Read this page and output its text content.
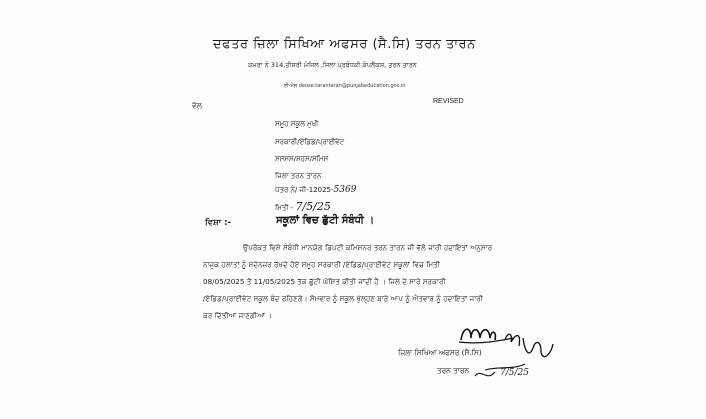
ਦਫਤਰ ਜ਼ਿਲਾ ਸਿਖਿਆ ਅਫਸਰ (ਸੈ.ਸਿ) ਤਰਨ ਤਾਰਨ
ਕਮਰਾ ਨੰ 314,ਤੀਸਰੀ ਮੰਜਿਲ ,ਜਿਲਾ ਪ੍ਰਬੰਧਕੀ ਕੰਪਲੈਕਸ, ਤਰਨ ਤਾਰਨ
ਈ-ਮੇਲ deose.tarantaran@punjabeducation.gov.in
REVISED
ਵੱਲ
ਸਮੂਹ ਸਕੂਲ ਮੁਖੀ
ਸਰਕਾਰੀ/ਏਡਿਡ/ਪ੍ਰਾਈਵੇਟ
ਸਸਸਸ/ਸਹਸ/ਸਮਿਸ
ਜਿਲਾ ਤਰਨ ਤਾਰਨ
ਪੱਤਰ ਨੰ/ ਜੀ-12025-5369
ਮਿਤੀ - 7/5/25
ਵਿਸ਼ਾ :-	ਸਕੂਲਾਂ ਵਿਚ ਛੁੱਟੀ ਸੰਬੰਧੀ ।
ਉਪਰੋਕਤ ਵਿਸ਼ੇ ਸੰਬੰਧੀ ਮਾਨਯੋਗ ਡਿਪਟੀ ਕਮਿਸ਼ਨਰ ਤਰਨ ਤਾਰਨ ਜੀ ਵੱਲੋ ਜਾਰੀ ਹਦਾਇਤਾਂ ਅਨੁਸਾਰ
ਨਾਜੁਕ ਹਲਾਤਾਂ ਨੂੰ ਮੱਦੇਨਜ਼ਰ ਰੱਖਦੇ ਹੋਏ ਸਮੂਹ ਸਰਕਾਰੀ /ਏਡਿਡ/ਪ੍ਰਾਈਵੇਟ ਸਕੂਲਾਂ ਵਿਚ ਮਿਤੀ
08/05/2025 ਤੋਂ 11/05/2025 ਤੱਕ ਛੁੱਟੀ ਘੋਸ਼ਿਤ ਕੀਤੀ ਜਾਂਦੀ ਹੈ । ਜਿਲੇ ਦੇ ਸਾਰੇ ਸਰਕਾਰੀ
/ਏਡਿਡ/ਪ੍ਰਾਈਵੇਟ ਸਕੂਲ ਬੰਦ ਰਹਿਣਗੇ। ਸੋਮਵਾਰ ਨੂੰ ਸਕੂਲ ਖੁੱਲ੍ਹਣ ਬਾਰੇ ਆਪ ਨੂੰ ਐਤਵਾਰ ਨੂੰ ਹਦਾਇਤਾਂ ਜਾਰੀ
ਕਰ ਦਿੱਤੀਆਂ ਜਾਣਗੀਆਂ ।
ਜ਼ਿਲਾ ਸਿਖਿਆ ਅਫਸਰ (ਸੈ.ਸਿ)
ਤਰਨ ਤਾਰਨ	7/5/25
